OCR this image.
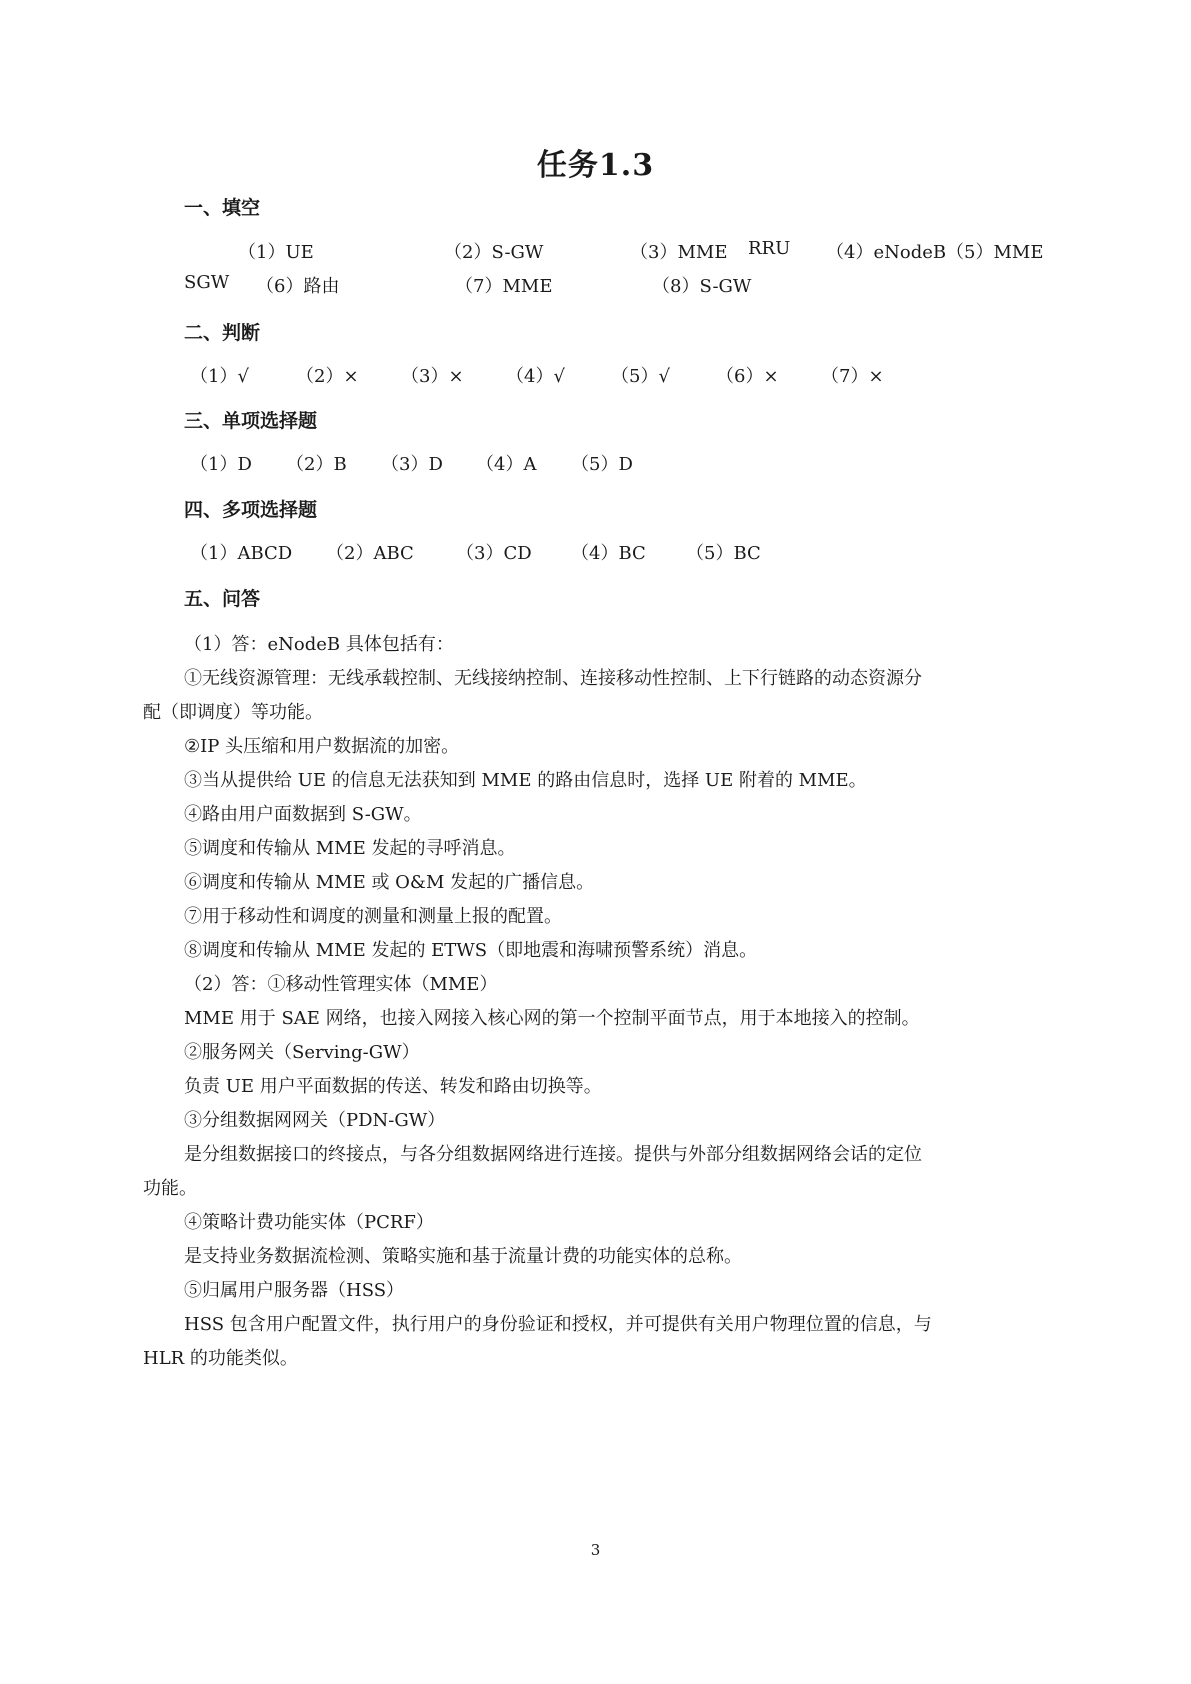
任务1.3
一、填空
（1）UE	（2）S-GW	（3）MME RRU （4）eNodeB （5）MME
SGW （6）路由	（7）MME	（8）S-GW
二、判断
（1）√	（2）× （3）× （4）√	（5）√	（6）× （7）×
三、单项选择题
（1）D （2）B （3）D （4）A （5）D
四、多项选择题
（1）ABCD （2）ABC （3）CD （4）BC （5）BC
五、问答
（1）答：eNodeB 具体包括有：
①无线资源管理：无线承载控制、无线接纳控制、连接移动性控制、上下行链路的动态资源分
配（即调度）等功能。
②IP 头压缩和用户数据流的加密。
③当从提供给 UE 的信息无法获知到 MME 的路由信息时，选择 UE 附着的 MME。
④路由用户面数据到 S-GW。
⑤调度和传输从 MME 发起的寻呼消息。
⑥调度和传输从 MME 或 O&M 发起的广播信息。
⑦用于移动性和调度的测量和测量上报的配置。
⑧调度和传输从 MME 发起的 ETWS（即地震和海啸预警系统）消息。
（2）答：①移动性管理实体（MME）
MME 用于 SAE 网络，也接入网接入核心网的第一个控制平面节点，用于本地接入的控制。
②服务网关（Serving-GW）
负责 UE 用户平面数据的传送、转发和路由切换等。
③分组数据网网关（PDN-GW）
是分组数据接口的终接点，与各分组数据网络进行连接。提供与外部分组数据网络会话的定位
功能。
④策略计费功能实体（PCRF）
是支持业务数据流检测、策略实施和基于流量计费的功能实体的总称。
⑤归属用户服务器（HSS）
HSS 包含用户配置文件，执行用户的身份验证和授权，并可提供有关用户物理位置的信息，与
HLR 的功能类似。
3
